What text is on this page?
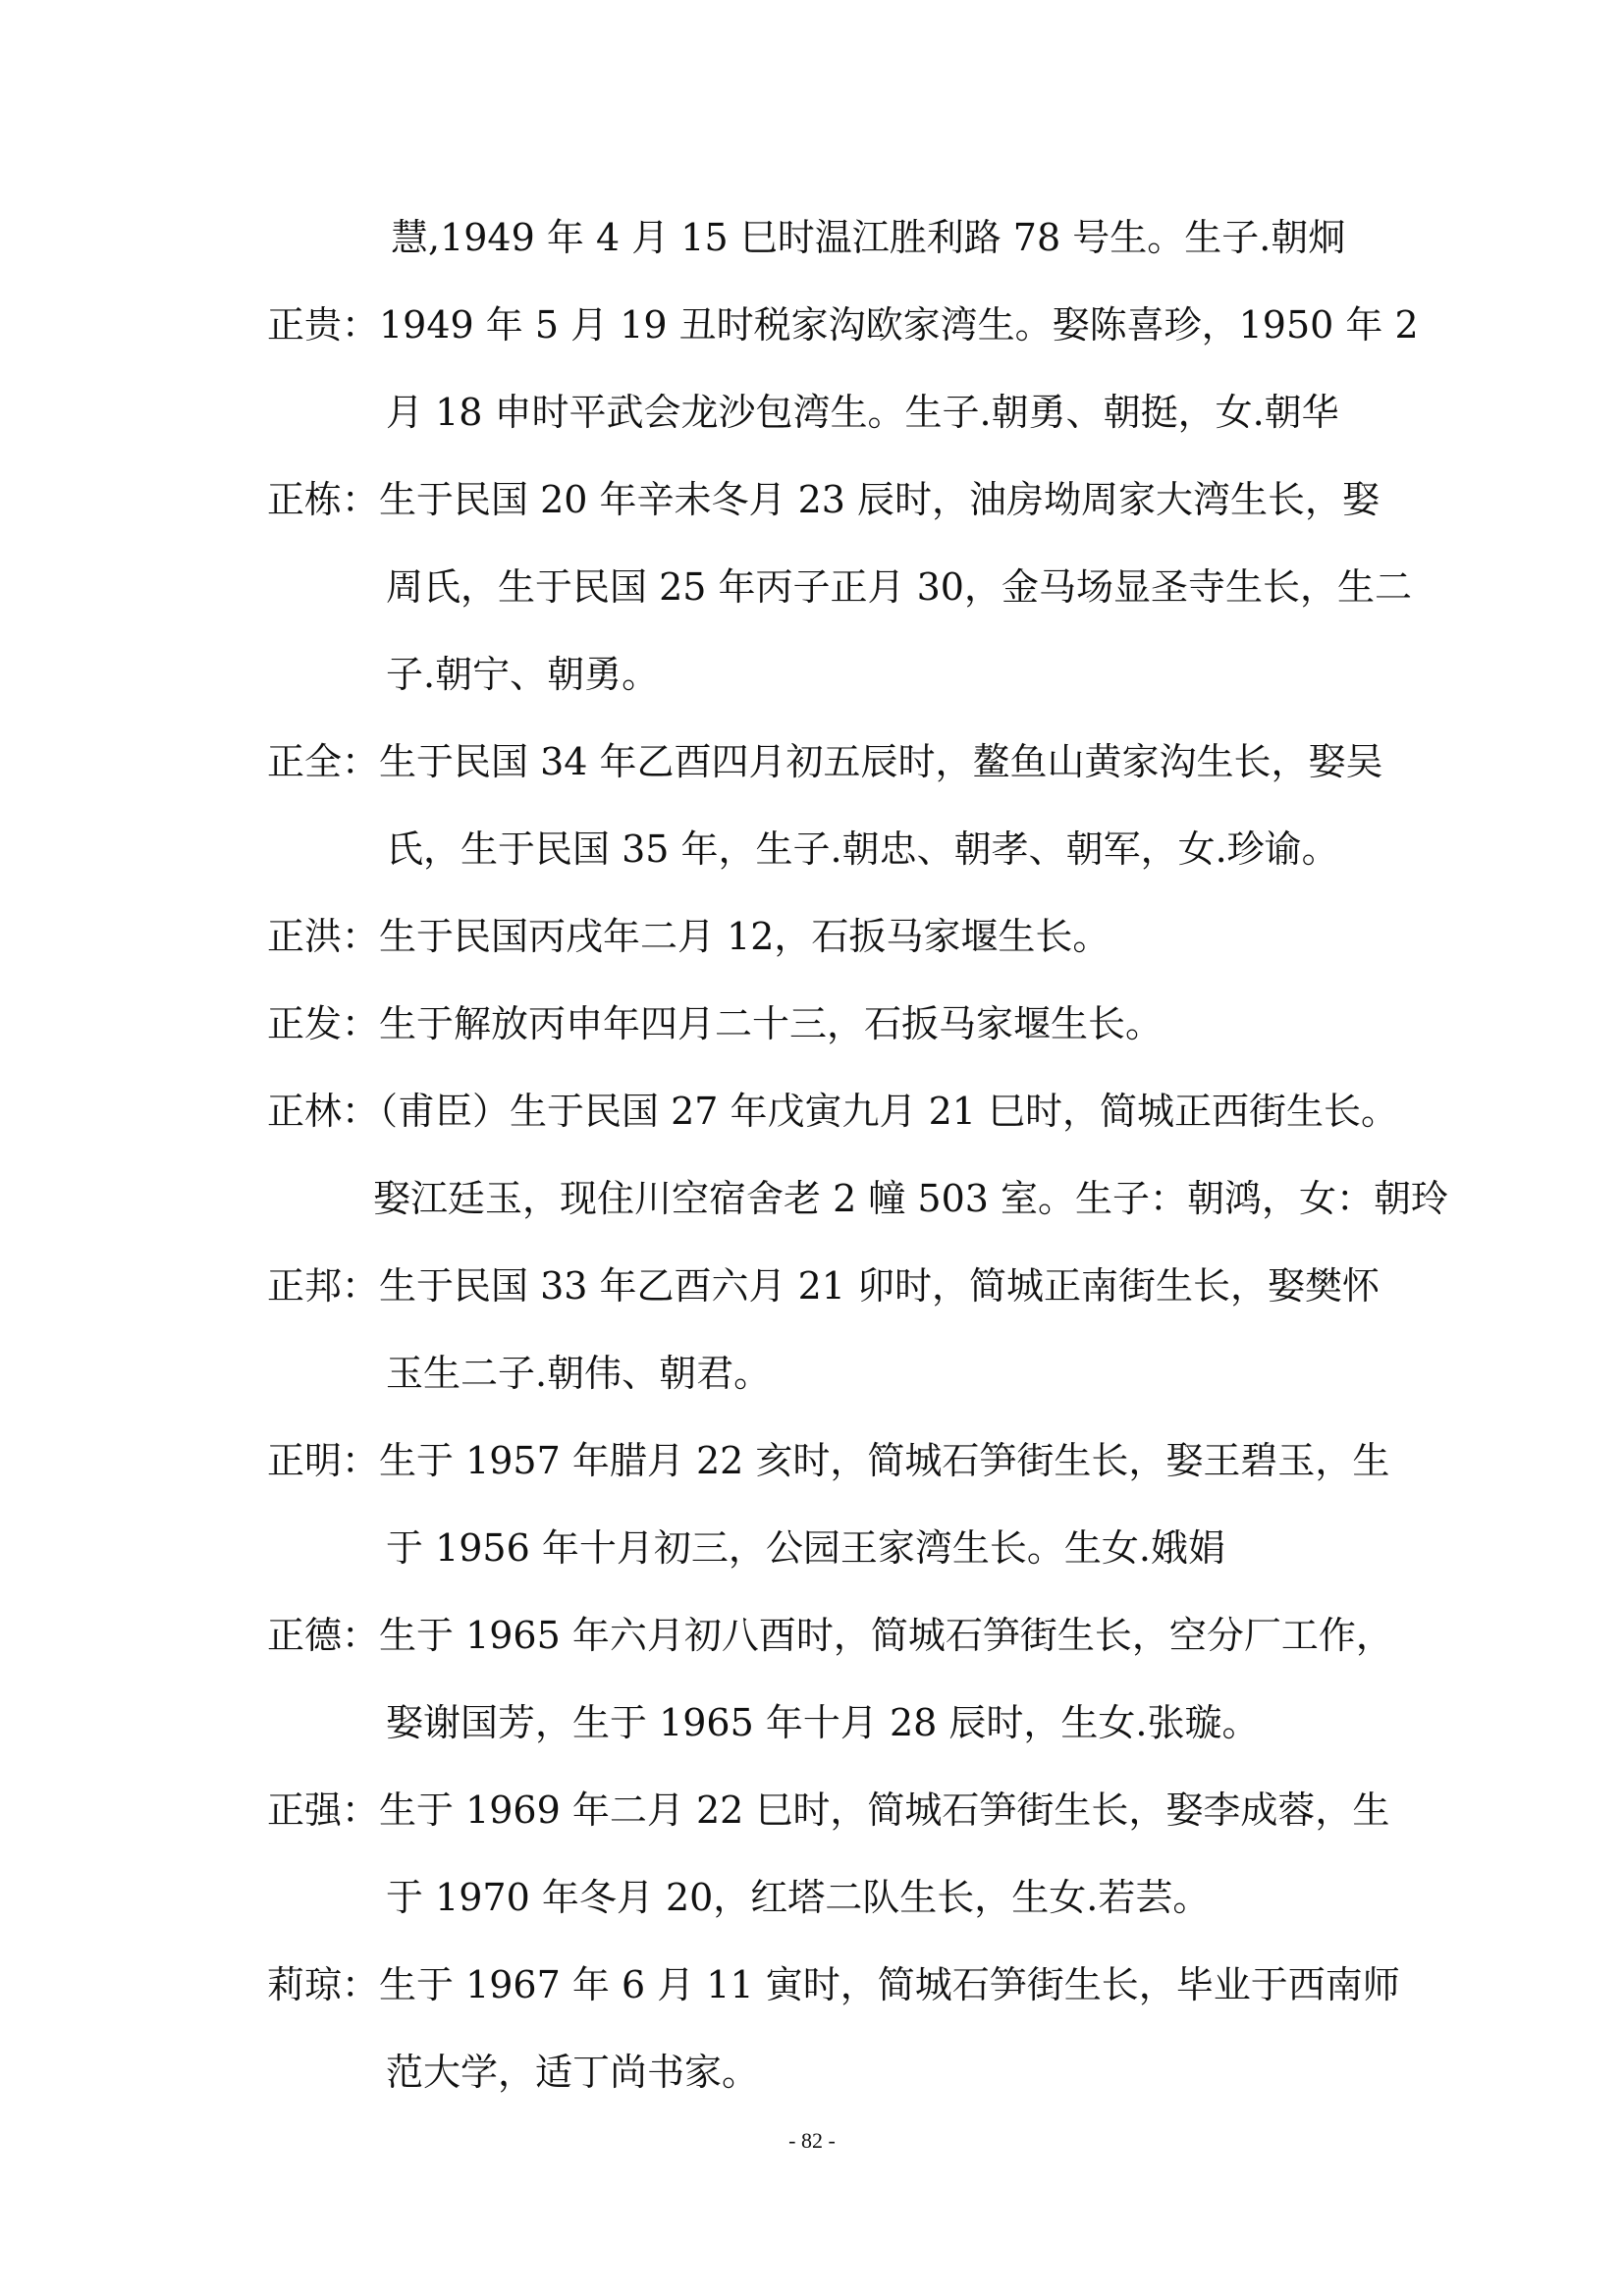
慧,1949 年 4 月 15 巳时温江胜利路 78 号生。生子.朝炯
正贵：1949 年 5 月 19 丑时税家沟欧家湾生。娶陈喜珍，1950 年 2
月 18 申时平武会龙沙包湾生。生子.朝勇、朝挺，女.朝华
正栋：生于民国 20 年辛未冬月 23 辰时，油房坳周家大湾生长，娶
周氏，生于民国 25 年丙子正月 30，金马场显圣寺生长，生二
子.朝宁、朝勇。
正全：生于民国 34 年乙酉四月初五辰时，鳌鱼山黄家沟生长，娶吴
氏，生于民国 35 年，生子.朝忠、朝孝、朝军，女.珍谕。
正洪：生于民国丙戌年二月 12，石扳马家堰生长。
正发：生于解放丙申年四月二十三，石扳马家堰生长。
正林：（甫臣）生于民国 27 年戊寅九月 21 巳时，简城正西街生长。
娶江廷玉，现住川空宿舍老 2 幢 503 室。生子：朝鸿，女：朝玲
正邦：生于民国 33 年乙酉六月 21 卯时，简城正南街生长，娶樊怀
玉生二子.朝伟、朝君。
正明：生于 1957 年腊月 22 亥时，简城石笋街生长，娶王碧玉，生
于 1956 年十月初三，公园王家湾生长。生女.娥娟
正德：生于 1965 年六月初八酉时，简城石笋街生长，空分厂工作，
娶谢国芳，生于 1965 年十月 28 辰时，生女.张璇。
正强：生于 1969 年二月 22 巳时，简城石笋街生长，娶李成蓉，生
于 1970 年冬月 20，红塔二队生长，生女.若芸。
莉琼：生于 1967 年 6 月 11 寅时，简城石笋街生长，毕业于西南师
范大学，适丁尚书家。
- 82 -
